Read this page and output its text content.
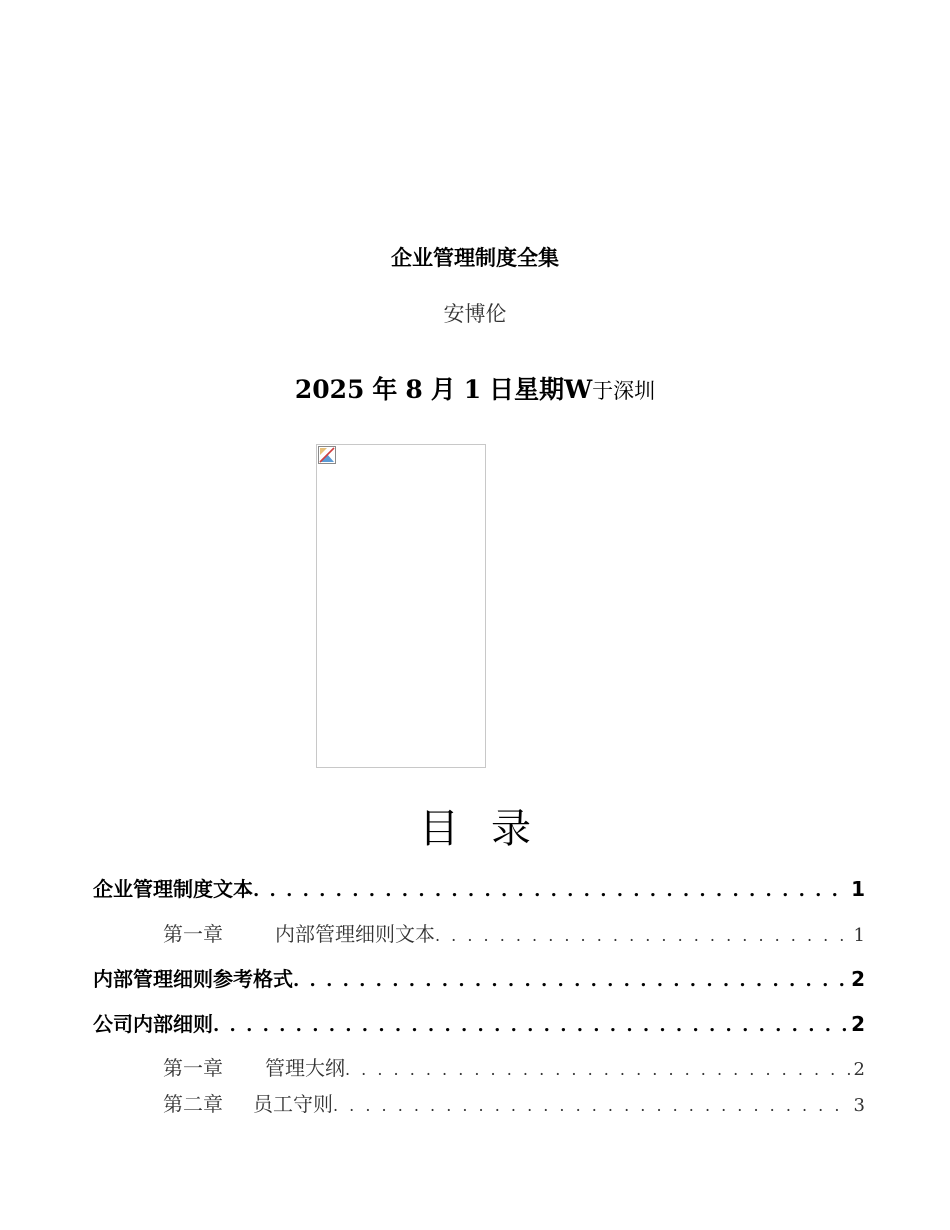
企业管理制度全集
安博伦
2025 年 8 月 1 日星期W于深圳
目录
企业管理制度文本 . . .	1
第一章	内部管理细则文本 . . .	1
内部管理细则参考格式 . . .	2
公司内部细则 . . .	2
第一章 管理大纲 . . .	2
第二章 员工守则 . . .	3
